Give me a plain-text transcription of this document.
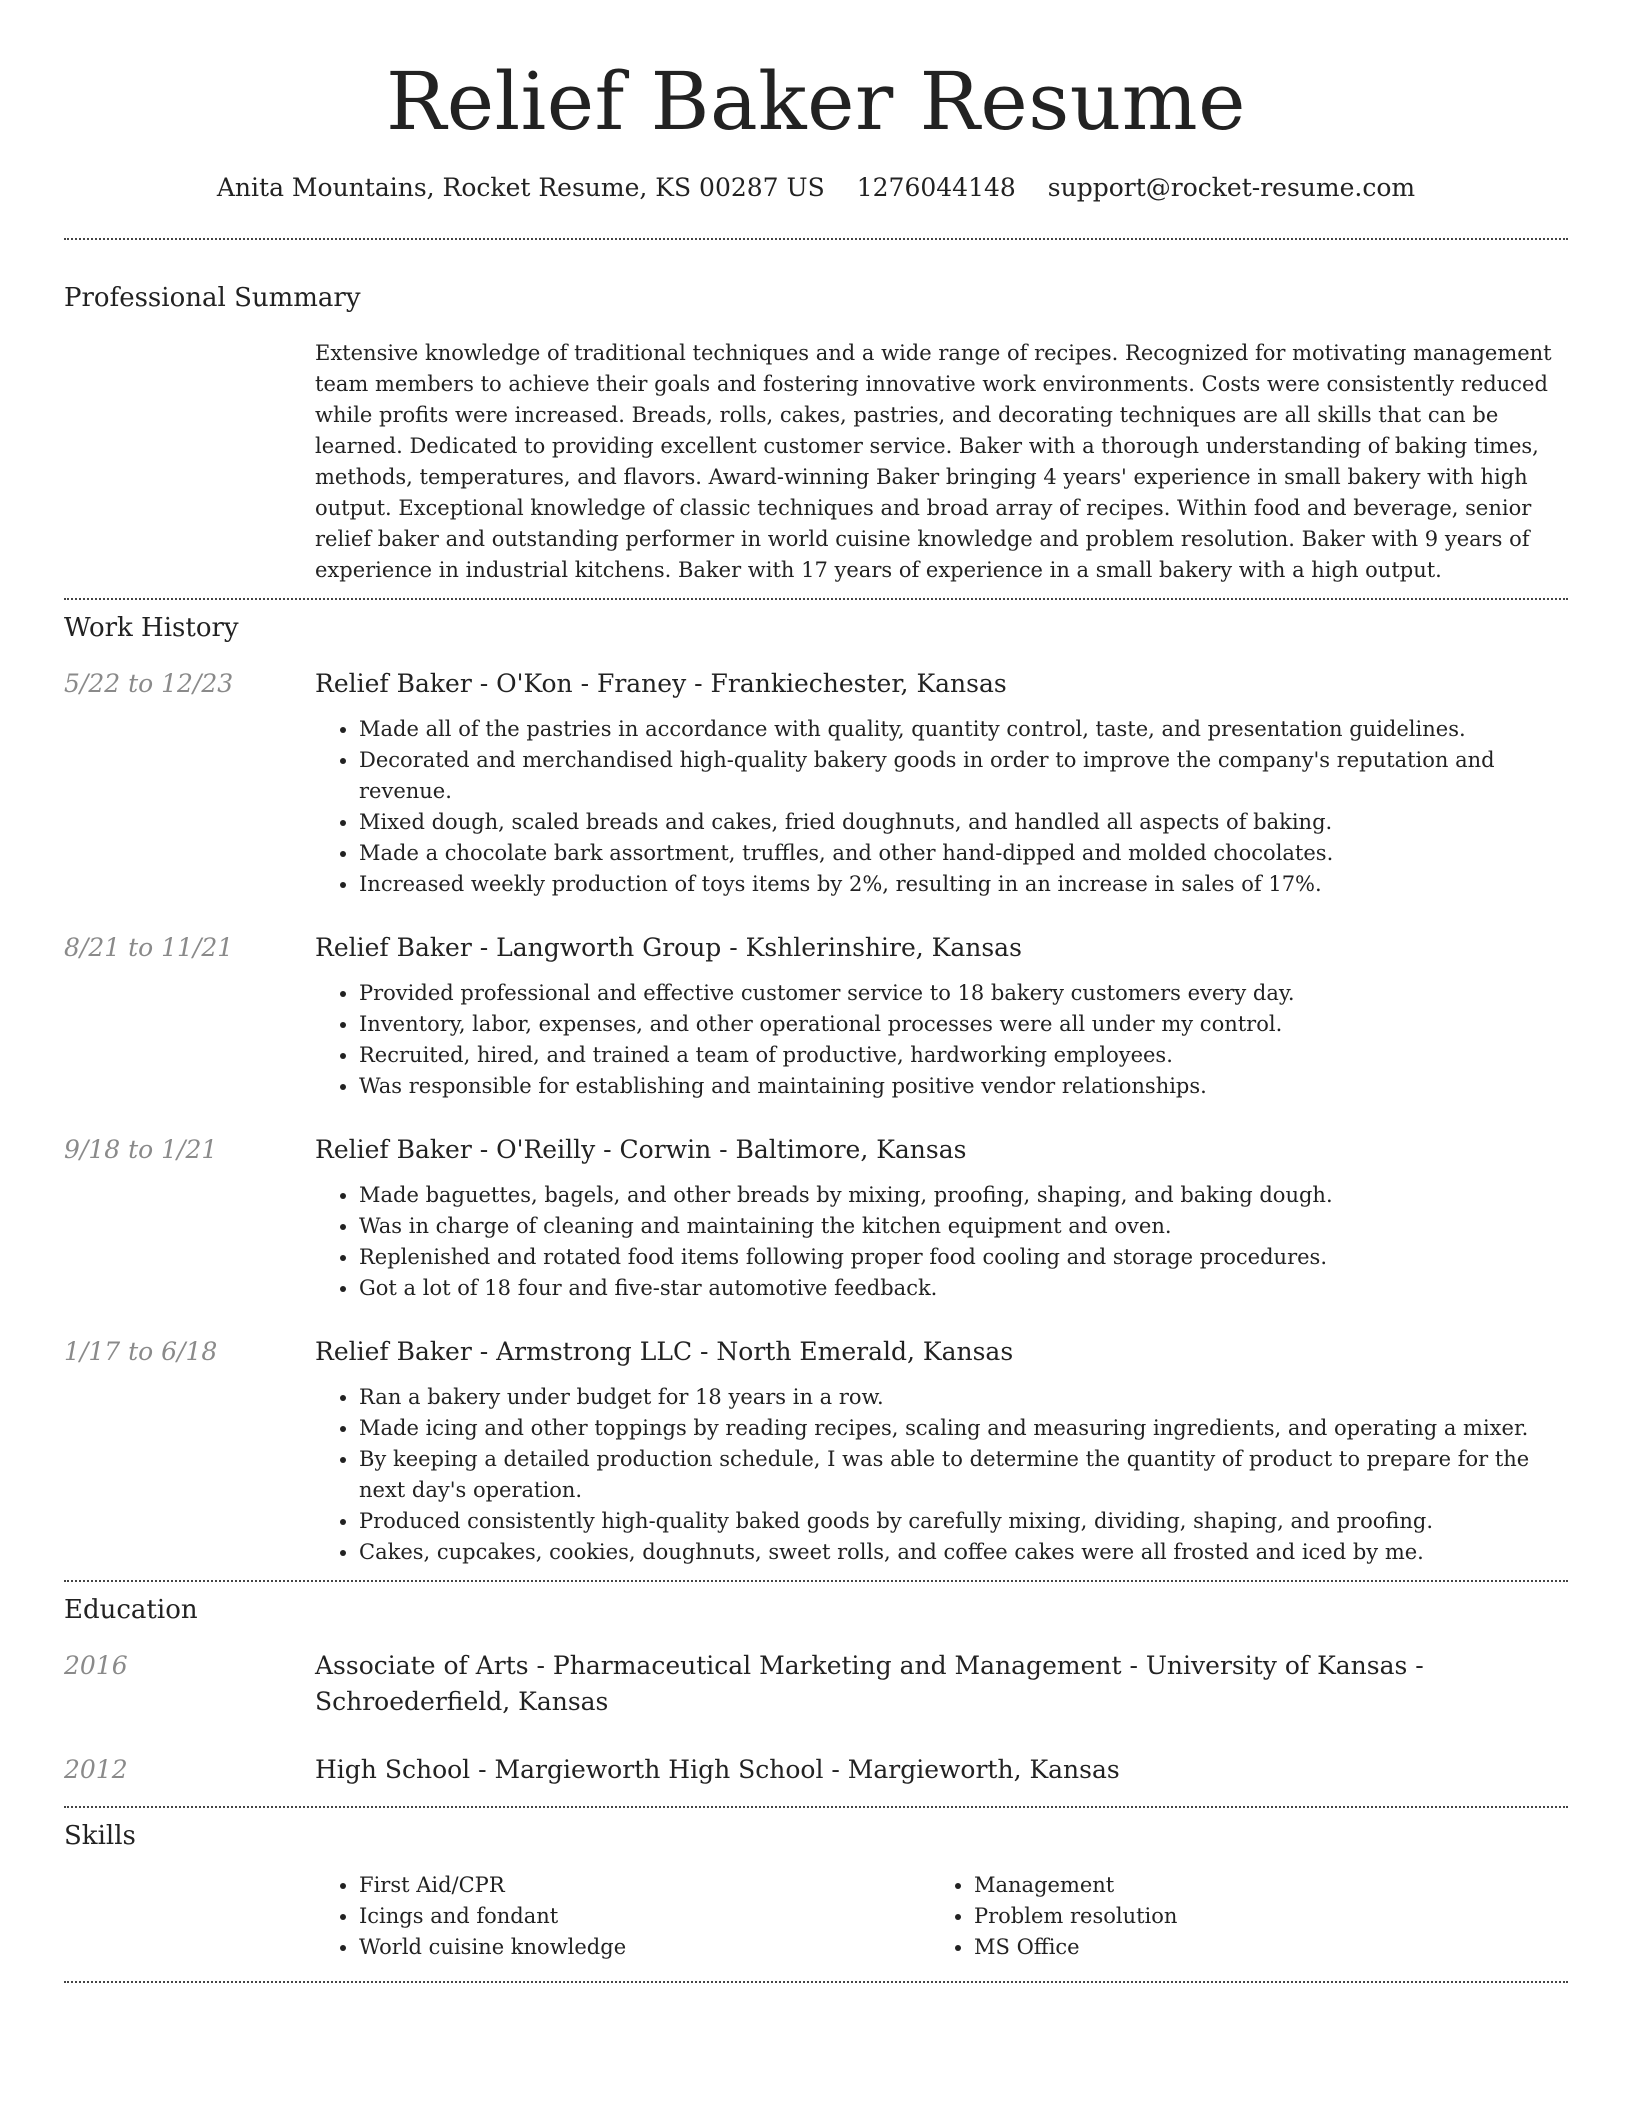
Relief Baker Resume
Anita Mountains, Rocket Resume, KS 00287 US 1276044148 support@rocket-resume.com
Professional Summary
Extensive knowledge of traditional techniques and a wide range of recipes. Recognized for motivating management team members to achieve their goals and fostering innovative work environments. Costs were consistently reduced while profits were increased. Breads, rolls, cakes, pastries, and decorating techniques are all skills that can be learned. Dedicated to providing excellent customer service. Baker with a thorough understanding of baking times, methods, temperatures, and flavors. Award-winning Baker bringing 4 years' experience in small bakery with high output. Exceptional knowledge of classic techniques and broad array of recipes. Within food and beverage, senior relief baker and outstanding performer in world cuisine knowledge and problem resolution. Baker with 9 years of experience in industrial kitchens. Baker with 17 years of experience in a small bakery with a high output.
Work History
5/22 to 12/23	Relief Baker - O'Kon - Franey - Frankiechester, Kansas
• Made all of the pastries in accordance with quality, quantity control, taste, and presentation guidelines.
• Decorated and merchandised high-quality bakery goods in order to improve the company's reputation and revenue.
• Mixed dough, scaled breads and cakes, fried doughnuts, and handled all aspects of baking.
• Made a chocolate bark assortment, truffles, and other hand-dipped and molded chocolates.
• Increased weekly production of toys items by 2%, resulting in an increase in sales of 17%.
8/21 to 11/21	Relief Baker - Langworth Group - Kshlerinshire, Kansas
• Provided professional and effective customer service to 18 bakery customers every day.
• Inventory, labor, expenses, and other operational processes were all under my control.
• Recruited, hired, and trained a team of productive, hardworking employees.
• Was responsible for establishing and maintaining positive vendor relationships.
9/18 to 1/21	Relief Baker - O'Reilly - Corwin - Baltimore, Kansas
• Made baguettes, bagels, and other breads by mixing, proofing, shaping, and baking dough.
• Was in charge of cleaning and maintaining the kitchen equipment and oven.
• Replenished and rotated food items following proper food cooling and storage procedures.
• Got a lot of 18 four and five-star automotive feedback.
1/17 to 6/18	Relief Baker - Armstrong LLC - North Emerald, Kansas
• Ran a bakery under budget for 18 years in a row.
• Made icing and other toppings by reading recipes, scaling and measuring ingredients, and operating a mixer.
• By keeping a detailed production schedule, I was able to determine the quantity of product to prepare for the next day's operation.
• Produced consistently high-quality baked goods by carefully mixing, dividing, shaping, and proofing.
• Cakes, cupcakes, cookies, doughnuts, sweet rolls, and coffee cakes were all frosted and iced by me.
Education
2016	Associate of Arts - Pharmaceutical Marketing and Management - University of Kansas - Schroederfield, Kansas
2012	High School - Margieworth High School - Margieworth, Kansas
Skills
• First Aid/CPR
• Icings and fondant
• World cuisine knowledge
• Management
• Problem resolution
• MS Office
